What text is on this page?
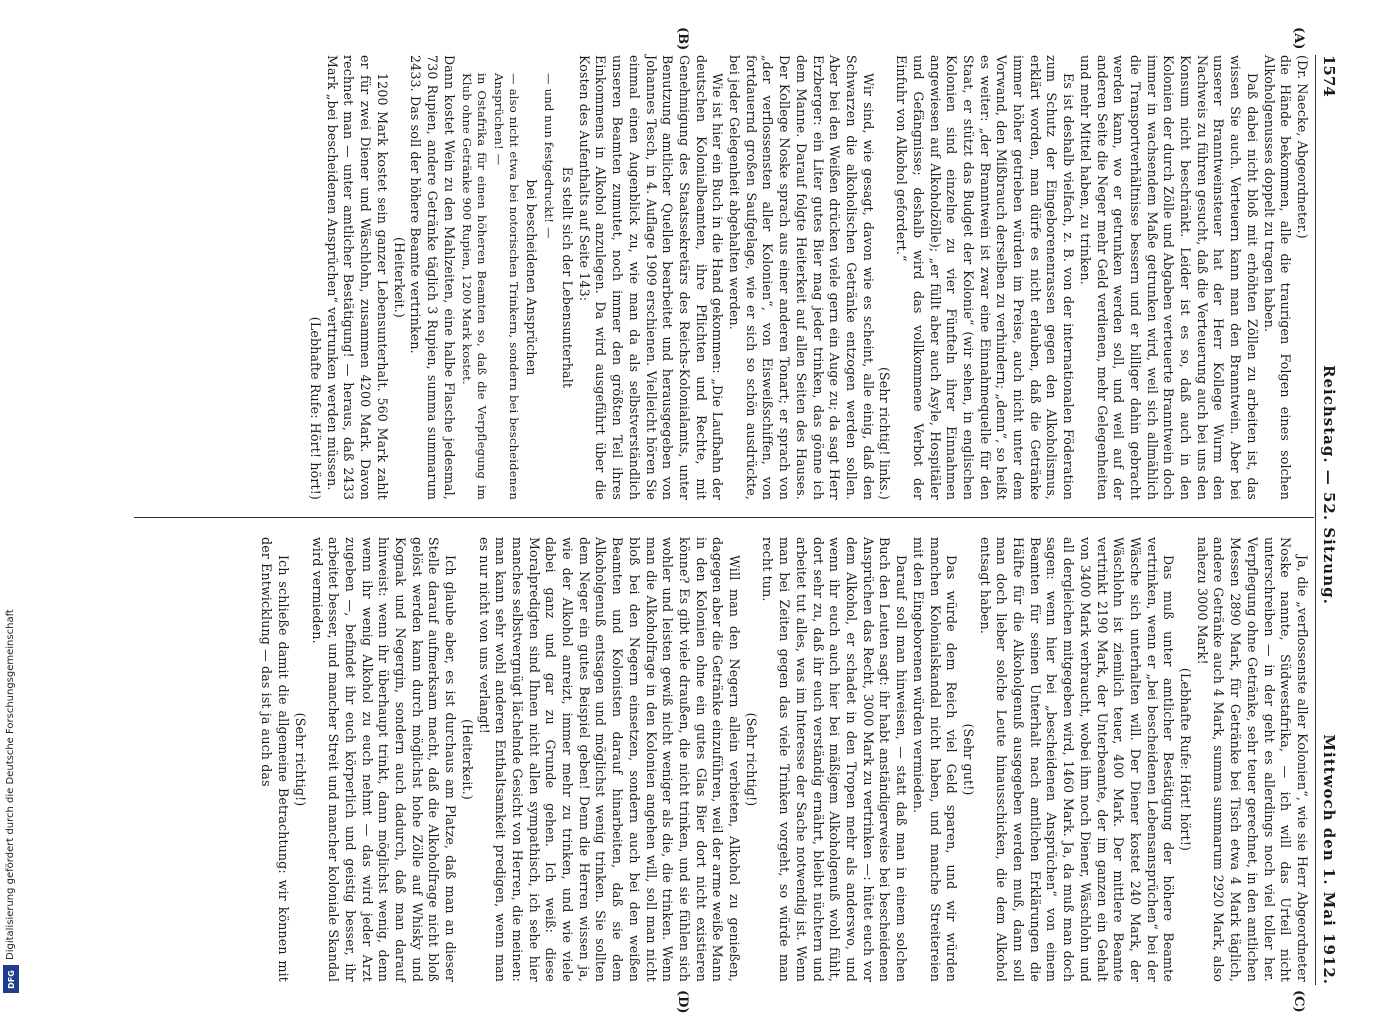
1574
Reichstag. — 52. Sitzung.
Mittwoch den 1. Mai 1912.
(A)
(B)
(C)
(D)

(Dr. Naecke, Abgeordneter.)

die Hände bekommen, alle die traurigen Folgen eines solchen Alkoholgenusses doppelt zu tragen haben.

Daß dabei nicht bloß mit erhöhten Zöllen zu arbeiten ist, das wissen Sie auch. Verteuern kann man den Branntwein. Aber bei unserer Branntweinsteuer hat der Herr Kollege Wurm den Nachweis zu führen gesucht, daß die Verteuerung auch bei uns den Konsum nicht beschränkt. Leider ist es so, daß auch in den Kolonien der durch Zölle und Abgaben verteuerte Branntwein doch immer in wachsendem Maße getrunken wird, weil sich allmählich die Transportverhältnisse bessern und er billiger dahin gebracht werden kann, wo er getrunken werden soll, und weil auf der anderen Seite die Neger mehr Geld verdienen, mehr Gelegenheiten und mehr Mittel haben, zu trinken.

Es ist deshalb vielfach, z. B. von der internationalen Föderation zum Schutz der Eingeborenenrassen gegen den Alkoholismus, erklärt worden, man dürfe es nicht erlauben, daß die Getränke immer höher getrieben würden im Preise, auch nicht unter dem Vorwand, den Mißbrauch derselben zu verhindern; „denn“, so heißt es weiter: „der Branntwein ist zwar eine Einnahmequelle für den Staat, er stützt das Budget der Kolonie“ (wir sehen, in englischen Kolonien sind einzelne zu vier Fünfteln ihrer Einnahmen angewiesen auf Alkoholzölle); „er füllt aber auch Asyle, Hospitäler und Gefängnisse; deshalb wird das vollkommene Verbot der Einfuhr von Alkohol gefordert.“

(Sehr richtig! links.)

Wir sind, wie gesagt, davon wie es scheint, alle einig, daß den Schwarzen die alkoholischen Getränke entzogen werden sollen. Aber bei den Weißen drücken viele gern ein Auge zu; da sagt Herr Erzberger: ein Liter gutes Bier mag jeder trinken, das gönne ich dem Manne. Darauf folgte Heiterkeit auf allen Seiten des Hauses. Der Kollege Noske sprach aus einer anderen Tonart; er sprach von „der verflossensten aller Kolonien“, von Eisweißschiffen, von fortdauernd großen Saufgelage, wie er sich so schön ausdrückte, bei jeder Gelegenheit abgehalten werden.

Wie ist hier ein Buch in die Hand gekommen: „Die Laufbahn der deutschen Kolonialbeamten, ihre Pflichten und Rechte, mit Genehmigung des Staatssekretärs des Reichs-Kolonialamts, unter Benutzung amtlicher Quellen bearbeitet und herausgegeben von Johannes Tesch, in 4. Auflage 1909 erschienen. Vielleicht hören Sie einmal einen Augenblick zu, wie man da als selbstverständlich unseren Beamten zumutet, noch immer den größten Teil ihres Einkommens in Alkohol anzulegen. Da wird ausgeführt über die Kosten des Aufenthalts auf Seite 143:

Es stellt sich der Lebensunterhalt

— und nun festgedruckt! —

bei bescheidenen Ansprüchen

— also nicht etwa bei notorischen Trinkern, sondern bei bescheidenen Ansprüchen! —

in Ostafrika für einen höheren Beamten so, daß die Verpflegung im Klub ohne Getränke 900 Rupien, 1200 Mark kostet.

Dann kostet Wein zu den Mahlzeiten, eine halbe Flasche jedesmal, 730 Rupien, andere Getränke täglich 3 Rupien, summa summarum 2433. Das soll der höhere Beamte vertrinken.

(Heiterkeit.)

1200 Mark kostet sein ganzer Lebensunterhalt. 560 Mark zahlt er für zwei Diener und Wäschlohn, zusammen 4200 Mark. Davon rechnet man — unter amtlicher Bestätigung! — heraus, daß 2433 Mark „bei bescheidenen Ansprüchen“ vertrunken werden müssen.

(Lebhafte Rufe: Hört! hört!)

Ja, die „verflossenste aller Kolonien“, wie sie Herr Abgeordneter Noske nannte, Südwestafrika, — ich will das Urteil nicht unterschreiben — in der geht es allerdings noch viel toller her. Verpflegung ohne Getränke, sehr teuer gerechnet, in den amtlichen Messen 2890 Mark, für Getränke bei Tisch etwa 4 Mark täglich, andere Getränke auch 4 Mark, summa summarum 2920 Mark, also nahezu 3000 Mark!

(Lebhafte Rufe: Hört! hört!)

Das muß unter amtlicher Bestätigung der höhere Beamte vertrinken, wenn er „bei bescheidenen Lebensansprüchen“ bei der Wäsche sich unterhalten will. Der Diener kostet 240 Mark, der Wäschlohn ist ziemlich teuer, 400 Mark. Der mittlere Beamte vertrinkt 2190 Mark, der Unterbeamte, der im ganzen ein Gehalt von 3400 Mark verbraucht, wobei ihm noch Diener, Wäschlohn und all dergleichen mitgegeben wird, 1460 Mark. Ja, da muß man doch sagen: wenn hier bei „bescheidenen Ansprüchen“ von einem Beamten für seinen Unterhalt nach amtlichen Erklärungen die Hälfte für die Alkoholgenuß ausgegeben werden muß, dann soll man doch lieber solche Leute hinausschicken, die dem Alkohol entsagt haben.

(Sehr gut!)

Das würde dem Reich viel Geld sparen, und wir würden manchen Kolonialskandal nicht haben, und manche Streitereien mit den Eingeborenen würden vermieden.

Darauf soll man hinweisen, — statt daß man in einem solchen Buch den Leuten sagt: ihr habt anständigerweise bei bescheidenen Ansprüchen das Recht, 3000 Mark zu vertrinken —: hütet euch vor dem Alkohol, er schadet in den Tropen mehr als anderswo, und wenn ihr euch auch hier bei mäßigem Alkoholgenuß wohl fühlt, dort sehr zu, daß ihr euch verständig ernährt, bleibt nüchtern und arbeitet tut alles, was im Interesse der Sache notwendig ist. Wenn man bei Zeiten gegen das viele Trinken vorgeht, so würde man recht tun.

(Sehr richtig!)

Will man den Negern allein verbieten, Alkohol zu genießen, dagegen aber die Getränke einzuführen, weil der arme weiße Mann in den Kolonien ohne ein gutes Glas Bier dort nicht existieren könne? Es gibt viele draußen, die nicht trinken, und sie fühlen sich wohler und leisten gewiß nicht weniger als die, die trinken. Wenn man die Alkoholfrage in den Kolonien angehen will, soll man nicht bloß bei den Negern einsetzen, sondern auch bei den weißen Beamten und Kolonisten darauf hinarbeiten, daß sie dem Alkoholgenuß entsagen und möglichst wenig trinken. Sie sollten dem Neger ein gutes Beispiel geben! Denn die Herren wissen ja, wie der Alkohol anreizt, immer mehr zu trinken, und wie viele dabei ganz und gar zu Grunde gehen. Ich weiß: diese Moralpredigten sind Ihnen nicht allen sympathisch, ich sehe hier manches selbstvergnügt lächelnde Gesicht von Herren, die meinen: man kann sehr wohl anderen Enthaltsamkeit predigen, wenn man es nur nicht von uns verlangt!

(Heiterkeit.)

Ich glaube aber, es ist durchaus am Platze, daß man an dieser Stelle darauf aufmerksam macht, daß die Alkoholfrage nicht bloß gelöst werden kann durch möglichst hohe Zölle auf Whisky und Kognak und Negergin, sondern auch dadurch, daß man darauf hinweist: wenn ihr überhaupt trinkt, dann möglichst wenig, denn wenn ihr wenig Alkohol zu euch nehmt — das wird jeder Arzt zugeben —, befindet ihr euch körperlich und geistig besser, ihr arbeitet besser, und mancher Streit und mancher koloniale Skandal wird vermieden.

(Sehr richtig!)

Ich schließe damit die allgemeine Betrachtung: wir können mit der Entwicklung — das ist ja auch das

Digitalisierung gefördert durch die Deutsche Forschungsgemeinschaft
DFG
